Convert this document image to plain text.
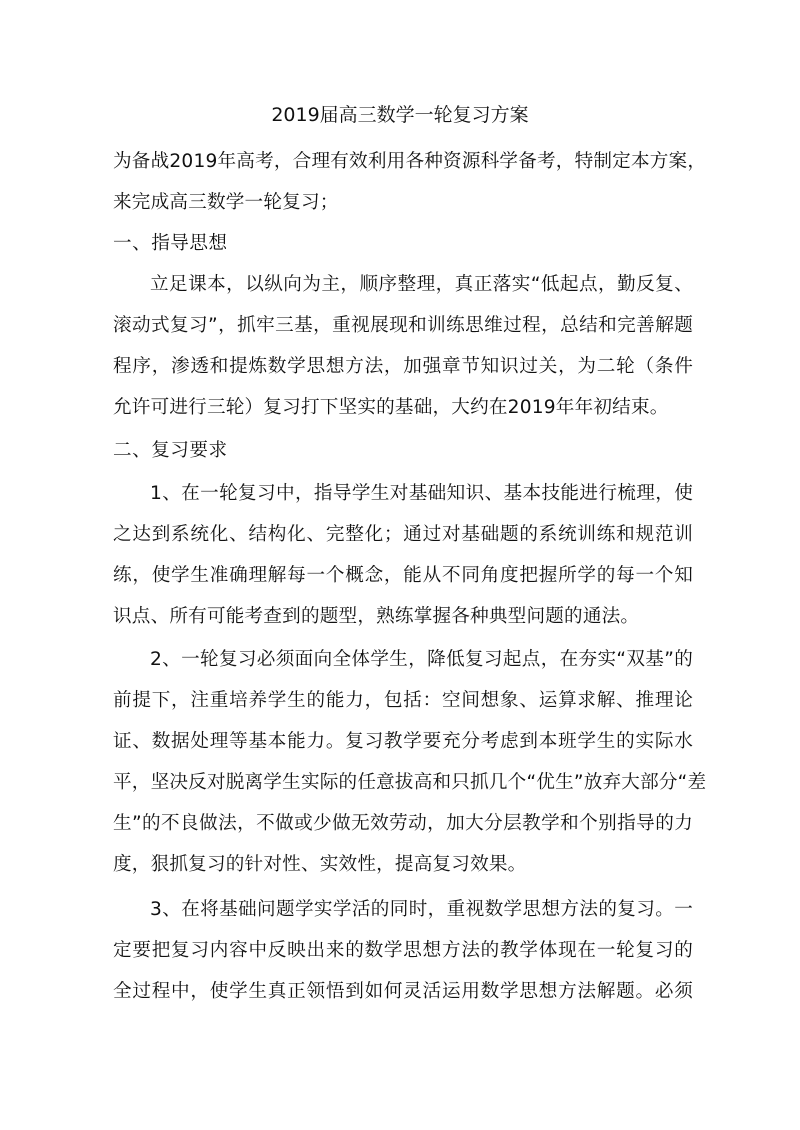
2019届高三数学一轮复习方案
为备战2019年高考，合理有效利用各种资源科学备考，特制定本方案，
来完成高三数学一轮复习；
一、指导思想
立足课本，以纵向为主，顺序整理，真正落实“低起点，勤反复、
滚动式复习”，抓牢三基，重视展现和训练思维过程，总结和完善解题
程序，渗透和提炼数学思想方法，加强章节知识过关，为二轮（条件
允许可进行三轮）复习打下坚实的基础，大约在2019年年初结束。
二、复习要求
1、在一轮复习中，指导学生对基础知识、基本技能进行梳理，使
之达到系统化、结构化、完整化；通过对基础题的系统训练和规范训
练，使学生准确理解每一个概念，能从不同角度把握所学的每一个知
识点、所有可能考查到的题型，熟练掌握各种典型问题的通法。
2、一轮复习必须面向全体学生，降低复习起点，在夯实“双基”的
前提下，注重培养学生的能力，包括：空间想象、运算求解、推理论
证、数据处理等基本能力。复习教学要充分考虑到本班学生的实际水
平，坚决反对脱离学生实际的任意拔高和只抓几个“优生”放弃大部分“差
生”的不良做法，不做或少做无效劳动，加大分层教学和个别指导的力
度，狠抓复习的针对性、实效性，提高复习效果。
3、在将基础问题学实学活的同时，重视数学思想方法的复习。一
定要把复习内容中反映出来的数学思想方法的教学体现在一轮复习的
全过程中，使学生真正领悟到如何灵活运用数学思想方法解题。必须
